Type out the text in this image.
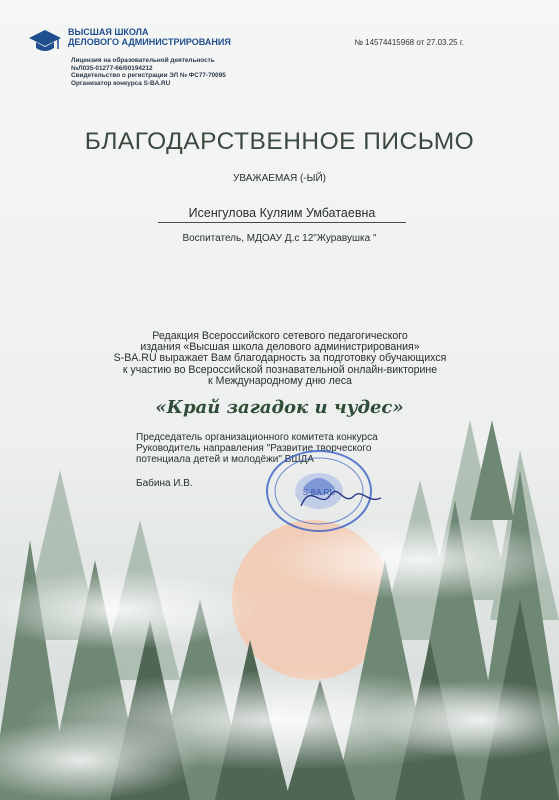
ВЫСШАЯ ШКОЛА
ДЕЛОВОГО АДМИНИСТРИРОВАНИЯ
Лицензия на образовательной деятельность
№Л035-01277-66/00194212
Свидетельство о регистрации ЭЛ № ФС77-70095
Организатор конкурса S-BA.RU
№ 14574415968 от 27.03.25 г.
БЛАГОДАРСТВЕННОЕ ПИСЬМО
УВАЖАЕМАЯ (-ЫЙ)
Исенгулова Куляим Умбатаевна
Воспитатель, МДОАУ Д.с 12"Журавушка "
Редакция Всероссийского сетевого педагогического
издания «Высшая школа делового администрирования»
S-BA.RU выражает Вам благодарность за подготовку обучающихся
к участию во Всероссийской познавательной онлайн-викторине
к Международному дню леса
«Край загадок и чудес»
Председатель организационного комитета конкурса
Руководитель направления "Развитие творческого
потенциала детей и молодёжи" ВШДА
Бабина И.В.
S-BA.RU
